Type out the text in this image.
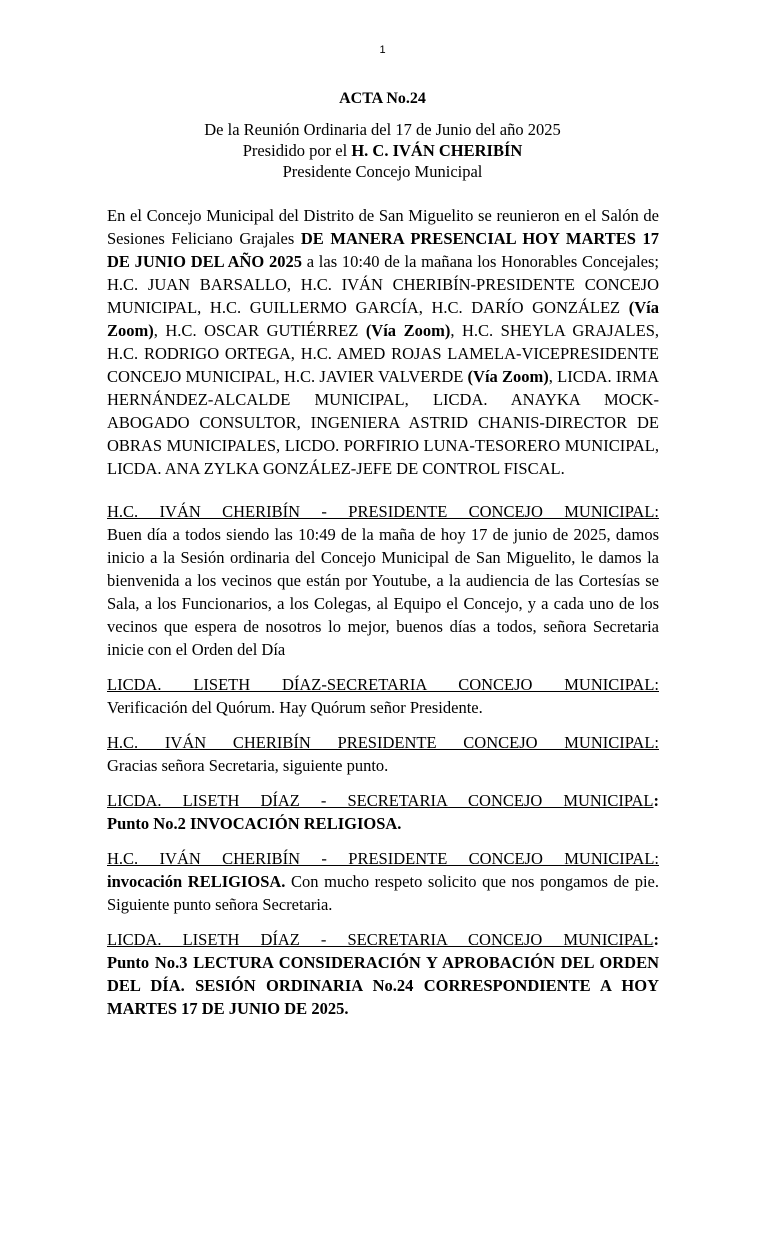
1
ACTA No.24
De la Reunión Ordinaria del 17 de Junio del año 2025
Presidido por el H. C. IVÁN CHERIBÍN
Presidente Concejo Municipal

En el Concejo Municipal del Distrito de San Miguelito se reunieron en el Salón de Sesiones Feliciano Grajales DE MANERA PRESENCIAL HOY MARTES 17 DE JUNIO DEL AÑO 2025 a las 10:40 de la mañana los Honorables Concejales; H.C. JUAN BARSALLO, H.C. IVÁN CHERIBÍN-PRESIDENTE CONCEJO MUNICIPAL, H.C. GUILLERMO GARCÍA, H.C. DARÍO GONZÁLEZ (Vía Zoom), H.C. OSCAR GUTIÉRREZ (Vía Zoom), H.C. SHEYLA GRAJALES, H.C. RODRIGO ORTEGA, H.C. AMED ROJAS LAMELA-VICEPRESIDENTE CONCEJO MUNICIPAL, H.C. JAVIER VALVERDE (Vía Zoom), LICDA. IRMA HERNÁNDEZ-ALCALDE MUNICIPAL, LICDA. ANAYKA MOCK-ABOGADO CONSULTOR, INGENIERA ASTRID CHANIS-DIRECTOR DE OBRAS MUNICIPALES, LICDO. PORFIRIO LUNA-TESORERO MUNICIPAL, LICDA. ANA ZYLKA GONZÁLEZ-JEFE DE CONTROL FISCAL.

H.C. IVÁN CHERIBÍN - PRESIDENTE CONCEJO MUNICIPAL:

Buen día a todos siendo las 10:49 de la maña de hoy 17 de junio de 2025, damos inicio a la Sesión ordinaria del Concejo Municipal de San Miguelito, le damos la bienvenida a los vecinos que están por Youtube, a la audiencia de las Cortesías se Sala, a los Funcionarios, a los Colegas, al Equipo el Concejo, y a cada uno de los vecinos que espera de nosotros lo mejor, buenos días a todos, señora Secretaria inicie con el Orden del Día

LICDA. LISETH DÍAZ-SECRETARIA CONCEJO MUNICIPAL:

Verificación del Quórum. Hay Quórum señor Presidente.

H.C. IVÁN CHERIBÍN PRESIDENTE CONCEJO MUNICIPAL:

Gracias señora Secretaria, siguiente punto.

LICDA. LISETH DÍAZ - SECRETARIA CONCEJO MUNICIPAL:

Punto No.2 INVOCACIÓN RELIGIOSA.

H.C. IVÁN CHERIBÍN - PRESIDENTE CONCEJO MUNICIPAL:

invocación RELIGIOSA. Con mucho respeto solicito que nos pongamos de pie. Siguiente punto señora Secretaria.

LICDA. LISETH DÍAZ - SECRETARIA CONCEJO MUNICIPAL:

Punto No.3 LECTURA CONSIDERACIÓN Y APROBACIÓN DEL ORDEN DEL DÍA. SESIÓN ORDINARIA No.24 CORRESPONDIENTE A HOY MARTES 17 DE JUNIO DE 2025.
